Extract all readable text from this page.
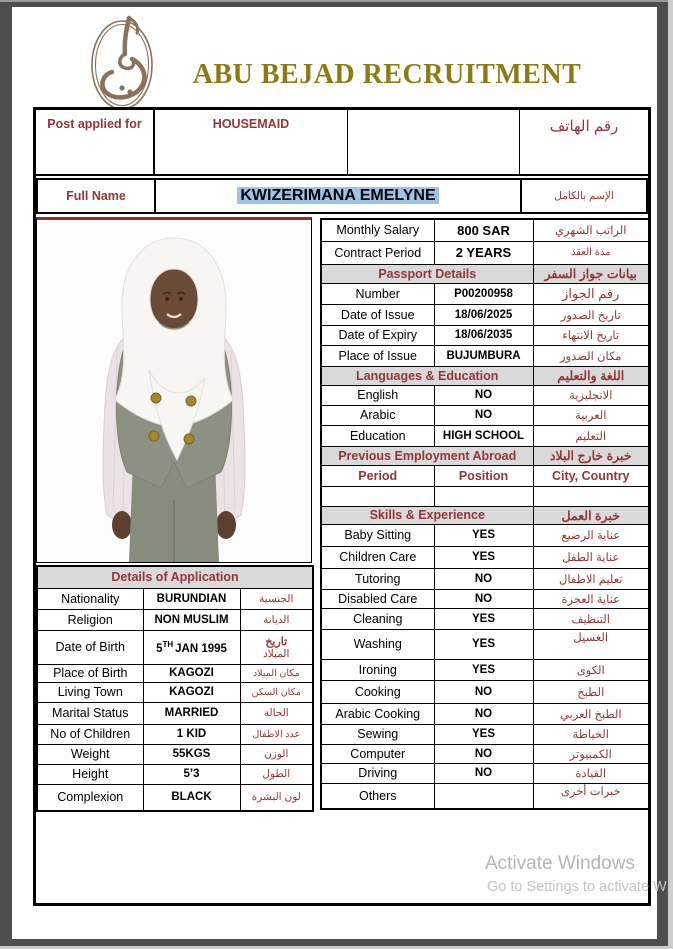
ABU BEJAD RECRUITMENT
Post applied for	HOUSEMAID	رقم الهاتف
Full Name	KWIZERIMANA EMELYNE	الإسم بالكامل
Details of Application		
Nationality	BURUNDIAN	الجنسية
Religion	NON MUSLIM	الديانة
Date of Birth	5TH JAN 1995	تاريخ
الميلاد

Place of Birth	KAGOZI	مكان الميلاد
Living Town	KAGOZI	مكان السكن
Marital Status	MARRIED	الحالة
No of Children	1 KID	عدد الاطفال
Weight	55KGS	الوزن
Height	5’3	الطول
Complexion	BLACK	لون البشرة
Monthly Salary	800 SAR	الراتب الشهري
Contract Period	2 YEARS	مدة العقد
Passport Details		بيانات جواز السفر
Number	P00200958	رقم الجواز
Date of Issue	18/06/2025	تاريخ الصدور
Date of Expiry	18/06/2035	تاريخ الانتهاء
Place of Issue	BUJUMBURA	مكان الصدور
Languages & Education		اللغة والتعليم
English	NO	الانجليزية
Arabic	NO	العربية
Education	HIGH SCHOOL	التعليم
Previous Employment Abroad		خبرة خارج البلاد
Period	Position	City, Country

Skills & Experience		خبرة العمل
Baby Sitting	YES	عناية الرضيع
Children Care	YES	عناية الطفل
Tutoring	NO	تعليم الاطفال
Disabled Care	NO	عناية العجزة
Cleaning	YES	التنظيف
Washing	YES	الغسيل
Ironing	YES	الكوى
Cooking	NO	الطبخ
Arabic Cooking	NO	الطبخ العربي
Sewing	YES	الخياطة
Computer	NO	الكمبيوتر
Driving	NO	القيادة
Others		خبرات أخرى
Activate Windows
Go to Settings to activate W
